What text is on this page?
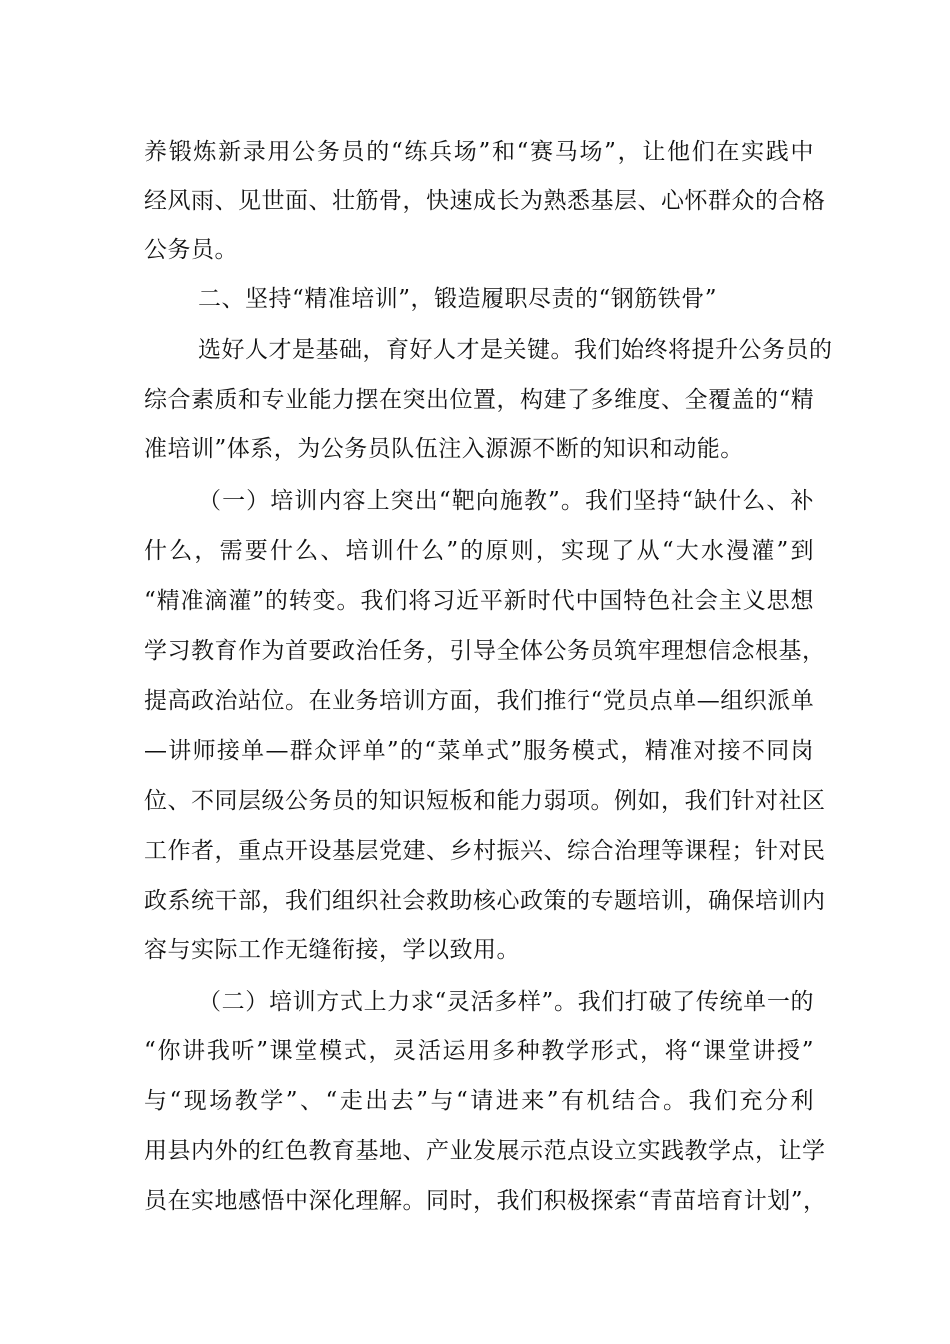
养锻炼新录用公务员的“练兵场”和“赛马场”，让他们在实践中
经风雨、见世面、壮筋骨，快速成长为熟悉基层、心怀群众的合格
公务员。
二、坚持“精准培训”，锻造履职尽责的“钢筋铁骨”
选好人才是基础，育好人才是关键。我们始终将提升公务员的
综合素质和专业能力摆在突出位置，构建了多维度、全覆盖的“精
准培训”体系，为公务员队伍注入源源不断的知识和动能。
（一）培训内容上突出“靶向施教”。我们坚持“缺什么、补
什么，需要什么、培训什么”的原则，实现了从“大水漫灌”到
“精准滴灌”的转变。我们将习近平新时代中国特色社会主义思想
学习教育作为首要政治任务，引导全体公务员筑牢理想信念根基，
提高政治站位。在业务培训方面，我们推行“党员点单—组织派单
—讲师接单—群众评单”的“菜单式”服务模式，精准对接不同岗
位、不同层级公务员的知识短板和能力弱项。例如，我们针对社区
工作者，重点开设基层党建、乡村振兴、综合治理等课程；针对民
政系统干部，我们组织社会救助核心政策的专题培训，确保培训内
容与实际工作无缝衔接，学以致用。
（二）培训方式上力求“灵活多样”。我们打破了传统单一的
“你讲我听”课堂模式，灵活运用多种教学形式，将“课堂讲授”
与“现场教学”、“走出去”与“请进来”有机结合。我们充分利
用县内外的红色教育基地、产业发展示范点设立实践教学点，让学
员在实地感悟中深化理解。同时，我们积极探索“青苗培育计划”，
